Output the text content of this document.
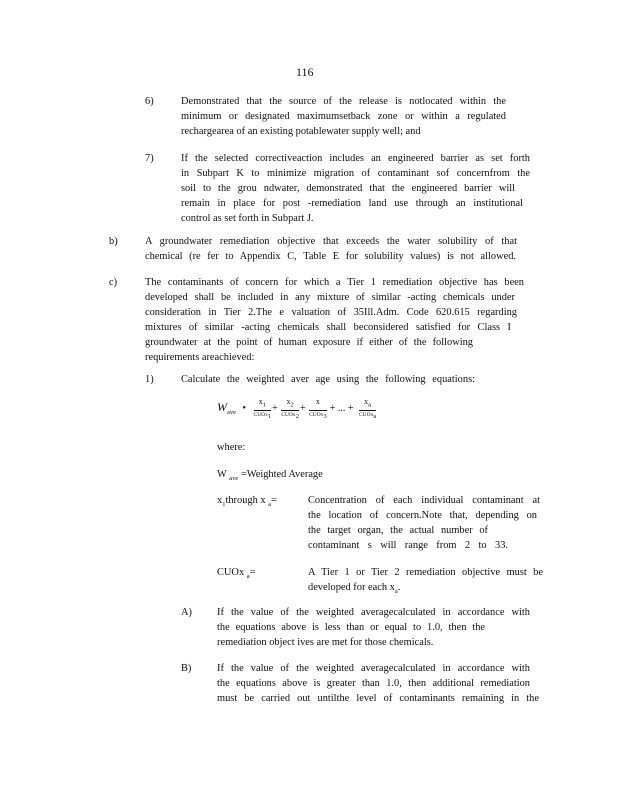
116
6)	Demonstrated that the source of the release is notlocated within the
minimum or designated maximumsetback zone or within a regulated
rechargearea of an existing potablewater supply well; and
7)	If the selected correctiveaction includes an engineered barrier as set forth
in Subpart K to minimize migration of contaminant sof concernfrom the
soil to the grou ndwater, demonstrated that the engineered barrier will
remain in place for post -remediation land use through an institutional
control as set forth in Subpart J.
b)	A groundwater remediation objective that exceeds the water solubility of that
chemical (re fer to Appendix C, Table E for solubility values) is not allowed.
c)	The contaminants of concern for which a Tier 1 remediation objective has been
developed shall be included in any mixture of similar -acting chemicals under
consideration in Tier 2.The e valuation of 35Ill.Adm. Code 620.615 regarding
mixtures of similar -acting chemicals shall beconsidered satisfied for Class I
groundwater at the point of human exposure if either of the following
requirements areachieved:
1)	Calculate the weighted aver age using the following equations:
$W_{ave}$ • $\frac{x_1}{CUOx_1} + \frac{x_2}{CUOx_2} + \frac{x}{CUOx_3}$ + ... + $\frac{x_a}{CUOx_a}$
where:
W $_{ave}$ =Weighted Average
$x_1through$ x $_a$=	Concentration of each individual contaminant at
the location of concern.Note that, depending on
the target organ, the actual number of
contaminant s will range from 2 to 33.
CUOx $_a$=	A Tier 1 or Tier 2 remediation objective must be
developed for each $x_a$.
A) If the value of the weighted averagecalculated in accordance with
the equations above is less than or equal to 1.0, then the
remediation object ives are met for those chemicals.
B) If the value of the weighted averagecalculated in accordance with
the equations above is greater than 1.0, then additional remediation
must be carried out untilthe level of contaminants remaining in the
